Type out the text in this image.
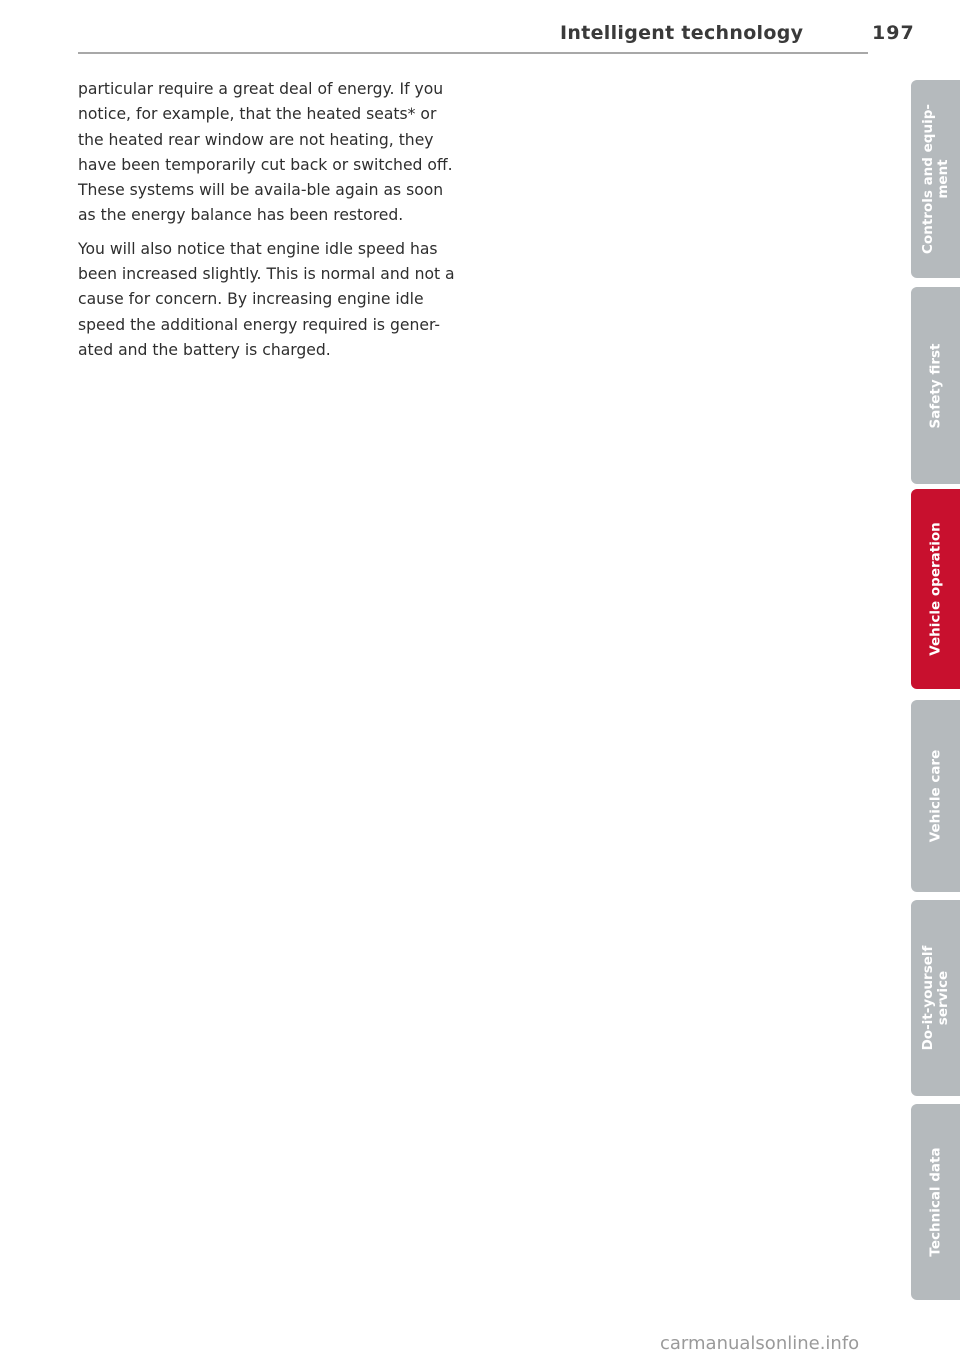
Intelligent technology	197

particular require a great deal of energy. If you notice, for example, that the heated seats* or the heated rear window are not heating, they have been temporarily cut back or switched off. These systems will be availa-ble again as soon as the energy balance has been restored.

You will also notice that engine idle speed has been increased slightly. This is normal and not a cause for concern. By increasing engine idle speed the additional energy required is gener-ated and the battery is charged.

Controls and equip- ment
Safety first
Vehicle operation
Vehicle care
Do-it-yourself service
Technical data
carmanualsonline.info
